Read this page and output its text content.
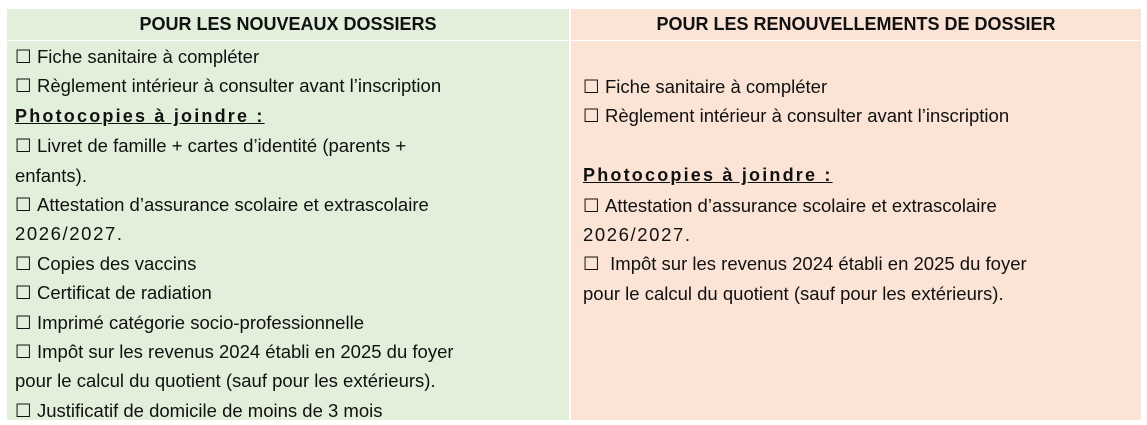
POUR LES NOUVEAUX DOSSIERS
☐ Fiche sanitaire à compléter
☐ Règlement intérieur à consulter avant l’inscription
Photocopies à joindre :
☐ Livret de famille + cartes d’identité (parents +
enfants).
☐ Attestation d’assurance scolaire et extrascolaire
2026/2027.
☐ Copies des vaccins
☐ Certificat de radiation
☐ Imprimé catégorie socio-professionnelle
☐ Impôt sur les revenus 2024 établi en 2025 du foyer
pour le calcul du quotient (sauf pour les extérieurs).
☐ Justificatif de domicile de moins de 3 mois
POUR LES RENOUVELLEMENTS DE DOSSIER
☐ Fiche sanitaire à compléter
☐ Règlement intérieur à consulter avant l’inscription
Photocopies à joindre :
☐ Attestation d’assurance scolaire et extrascolaire
2026/2027.
☐ Impôt sur les revenus 2024 établi en 2025 du foyer
pour le calcul du quotient (sauf pour les extérieurs).
